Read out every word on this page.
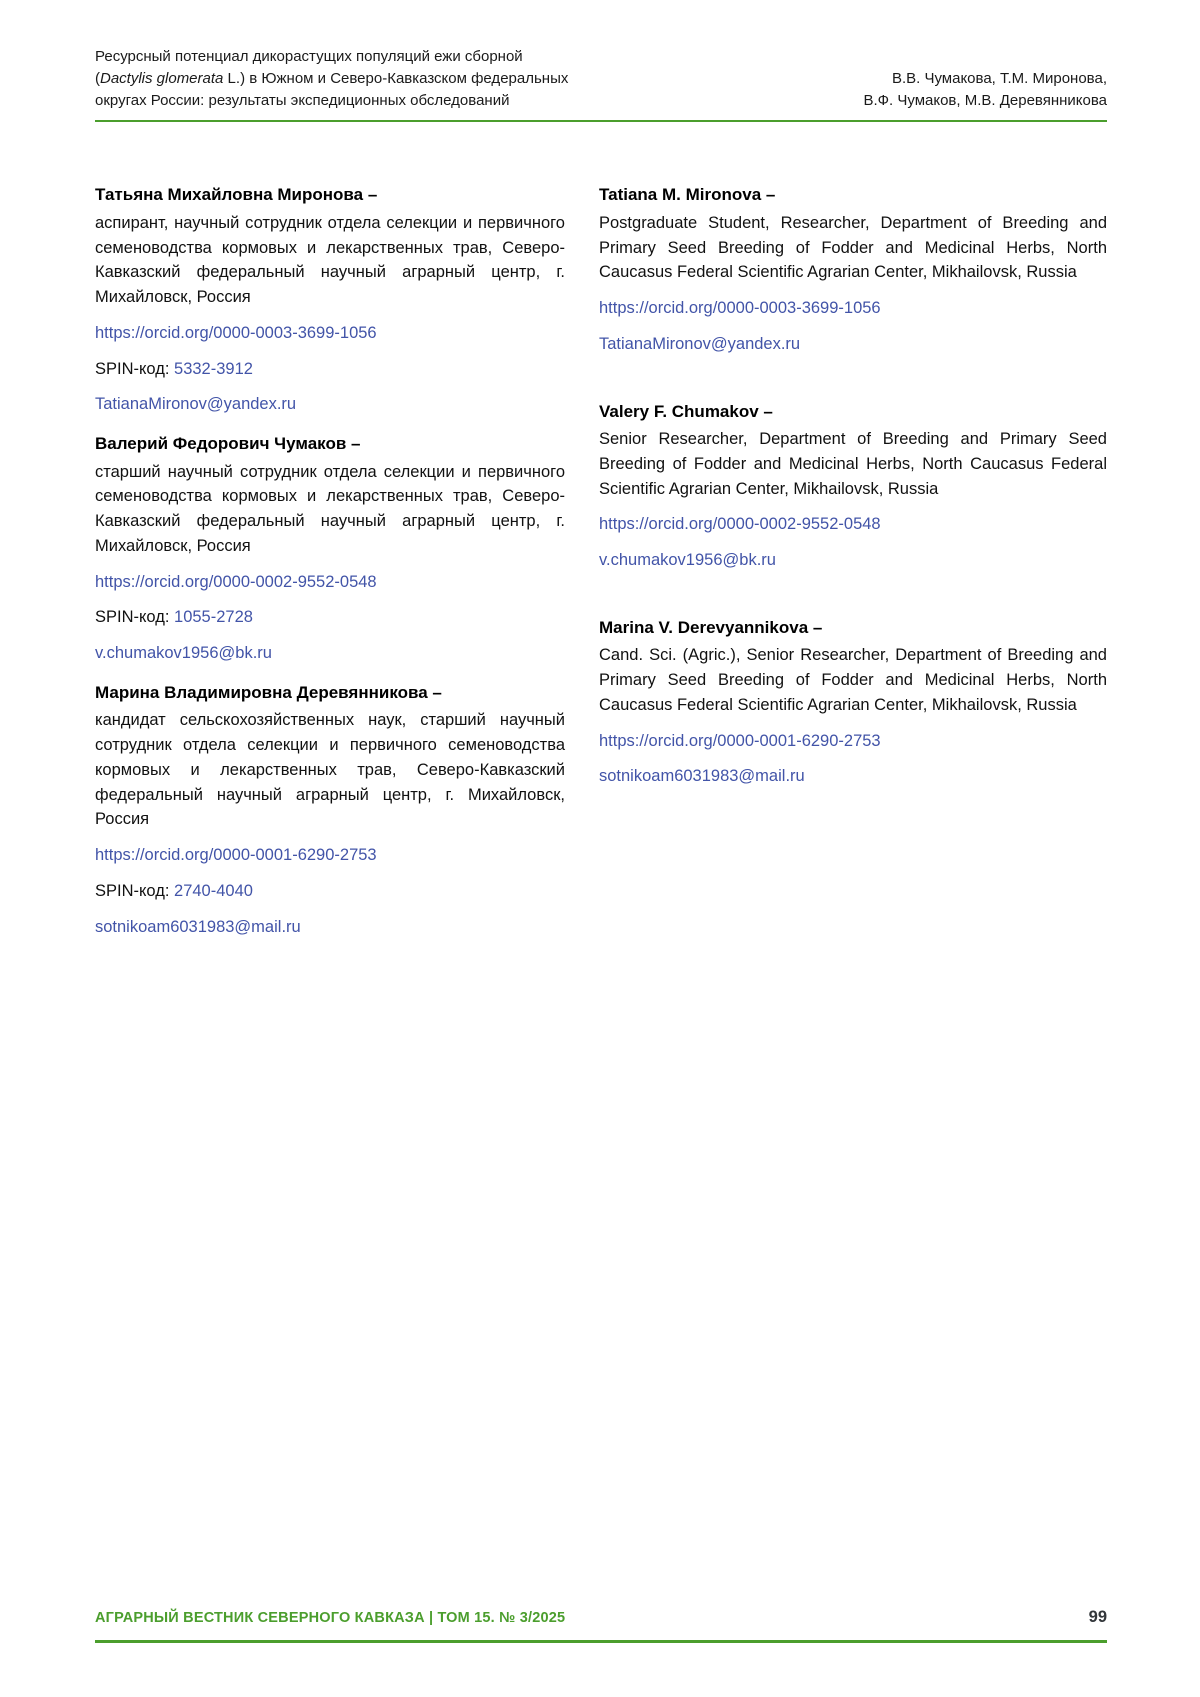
Ресурсный потенциал дикорастущих популяций ежи сборной
(Dactylis glomerata L.) в Южном и Северо-Кавказском федеральных
округах России: результаты экспедиционных обследований
В.В. Чумакова, Т.М. Миронова,
В.Ф. Чумаков, М.В. Деревянникова
Татьяна Михайловна Миронова –

аспирант, научный сотрудник отдела селекции и первичного семеноводства кормовых и лекарственных трав, Северо-Кавказский федеральный научный аграрный центр, г. Михайловск, Россия

https://orcid.org/0000-0003-3699-1056
SPIN-код: 5332-3912
TatianaMironov@yandex.ru
Валерий Федорович Чумаков –

старший научный сотрудник отдела селекции и первичного семеноводства кормовых и лекарственных трав, Северо-Кавказский федеральный научный аграрный центр, г. Михайловск, Россия

https://orcid.org/0000-0002-9552-0548
SPIN-код: 1055-2728
v.chumakov1956@bk.ru
Марина Владимировна Деревянникова –

кандидат сельскохозяйственных наук, старший научный сотрудник отдела селекции и первичного семеноводства кормовых и лекарственных трав, Северо-Кавказский федеральный научный аграрный центр, г. Михайловск, Россия

https://orcid.org/0000-0001-6290-2753
SPIN-код: 2740-4040
sotnikoam6031983@mail.ru
Tatiana M. Mironova –

Postgraduate Student, Researcher, Department of Breeding and Primary Seed Breeding of Fodder and Medicinal Herbs, North Caucasus Federal Scientific Agrarian Center, Mikhailovsk, Russia

https://orcid.org/0000-0003-3699-1056
TatianaMironov@yandex.ru
Valery F. Chumakov –

Senior Researcher, Department of Breeding and Primary Seed Breeding of Fodder and Medicinal Herbs, North Caucasus Federal Scientific Agrarian Center, Mikhailovsk, Russia

https://orcid.org/0000-0002-9552-0548
v.chumakov1956@bk.ru
Marina V. Derevyannikova –

Cand. Sci. (Agric.), Senior Researcher, Department of Breeding and Primary Seed Breeding of Fodder and Medicinal Herbs, North Caucasus Federal Scientific Agrarian Center, Mikhailovsk, Russia

https://orcid.org/0000-0001-6290-2753
sotnikoam6031983@mail.ru
АГРАРНЫЙ ВЕСТНИК СЕВЕРНОГО КАВКАЗА | ТОМ 15. № 3/2025	99
